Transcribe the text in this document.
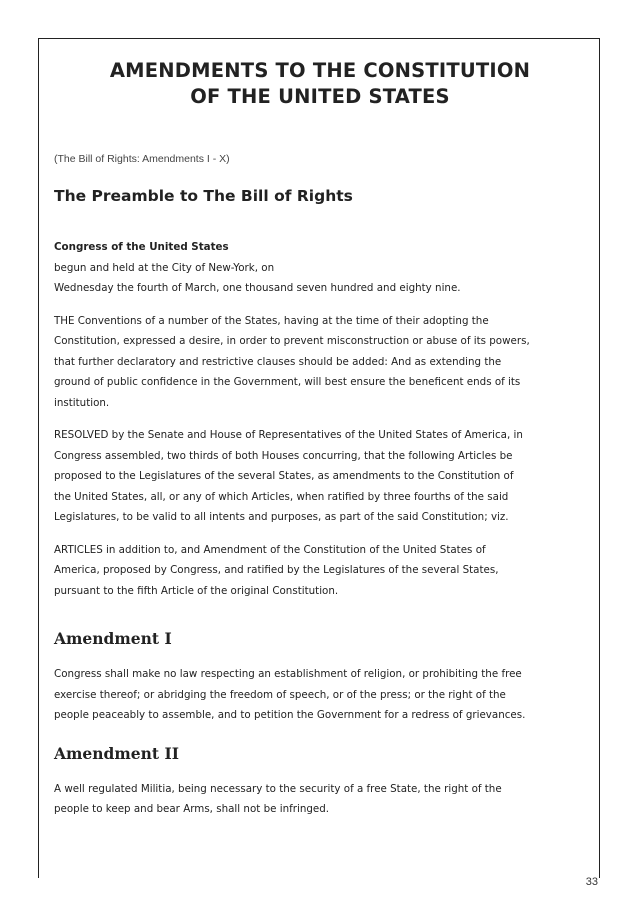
AMENDMENTS TO THE CONSTITUTION
OF THE UNITED STATES
(The Bill of Rights: Amendments I - X)
The Preamble to The Bill of Rights

Congress of the United States
begun and held at the City of New-York, on
Wednesday the fourth of March, one thousand seven hundred and eighty nine.

THE Conventions of a number of the States, having at the time of their adopting the
Constitution, expressed a desire, in order to prevent misconstruction or abuse of its powers,
that further declaratory and restrictive clauses should be added: And as extending the
ground of public confidence in the Government, will best ensure the beneficent ends of its
institution.

RESOLVED by the Senate and House of Representatives of the United States of America, in
Congress assembled, two thirds of both Houses concurring, that the following Articles be
proposed to the Legislatures of the several States, as amendments to the Constitution of
the United States, all, or any of which Articles, when ratified by three fourths of the said
Legislatures, to be valid to all intents and purposes, as part of the said Constitution; viz.

ARTICLES in addition to, and Amendment of the Constitution of the United States of
America, proposed by Congress, and ratified by the Legislatures of the several States,
pursuant to the fifth Article of the original Constitution.

Amendment I

Congress shall make no law respecting an establishment of religion, or prohibiting the free
exercise thereof; or abridging the freedom of speech, or of the press; or the right of the
people peaceably to assemble, and to petition the Government for a redress of grievances.

Amendment II

A well regulated Militia, being necessary to the security of a free State, the right of the
people to keep and bear Arms, shall not be infringed.

33
